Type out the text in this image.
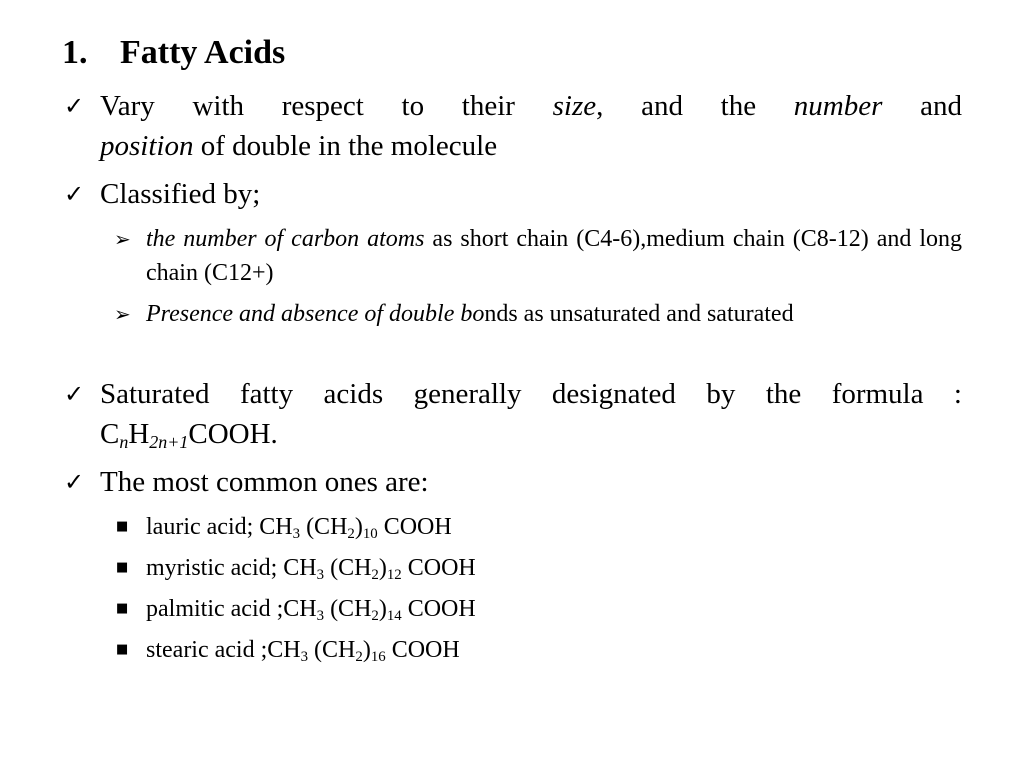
1. Fatty Acids
✓ Vary with respect to their size, and the number and
position of double in the molecule
✓ Classified by;
➢ the number of carbon atoms as short chain (C4-6),medium chain (C8-12) and long chain (C12+)
➢ Presence and absence of double bonds as unsaturated and saturated
✓ Saturated fatty acids generally designated by the formula :
$C_nH_{2n+1}COOH$.
✓ The most common ones are:
■ lauric acid; $CH_3$ $(CH_2)_{10}$ COOH
■ myristic acid; $CH_3$ $(CH_2)_{12}$ COOH
■ palmitic acid $;CH_3$ $(CH_2)_{14}$ COOH
■ stearic acid $;CH_3$ $(CH_2)_{16}$ COOH
